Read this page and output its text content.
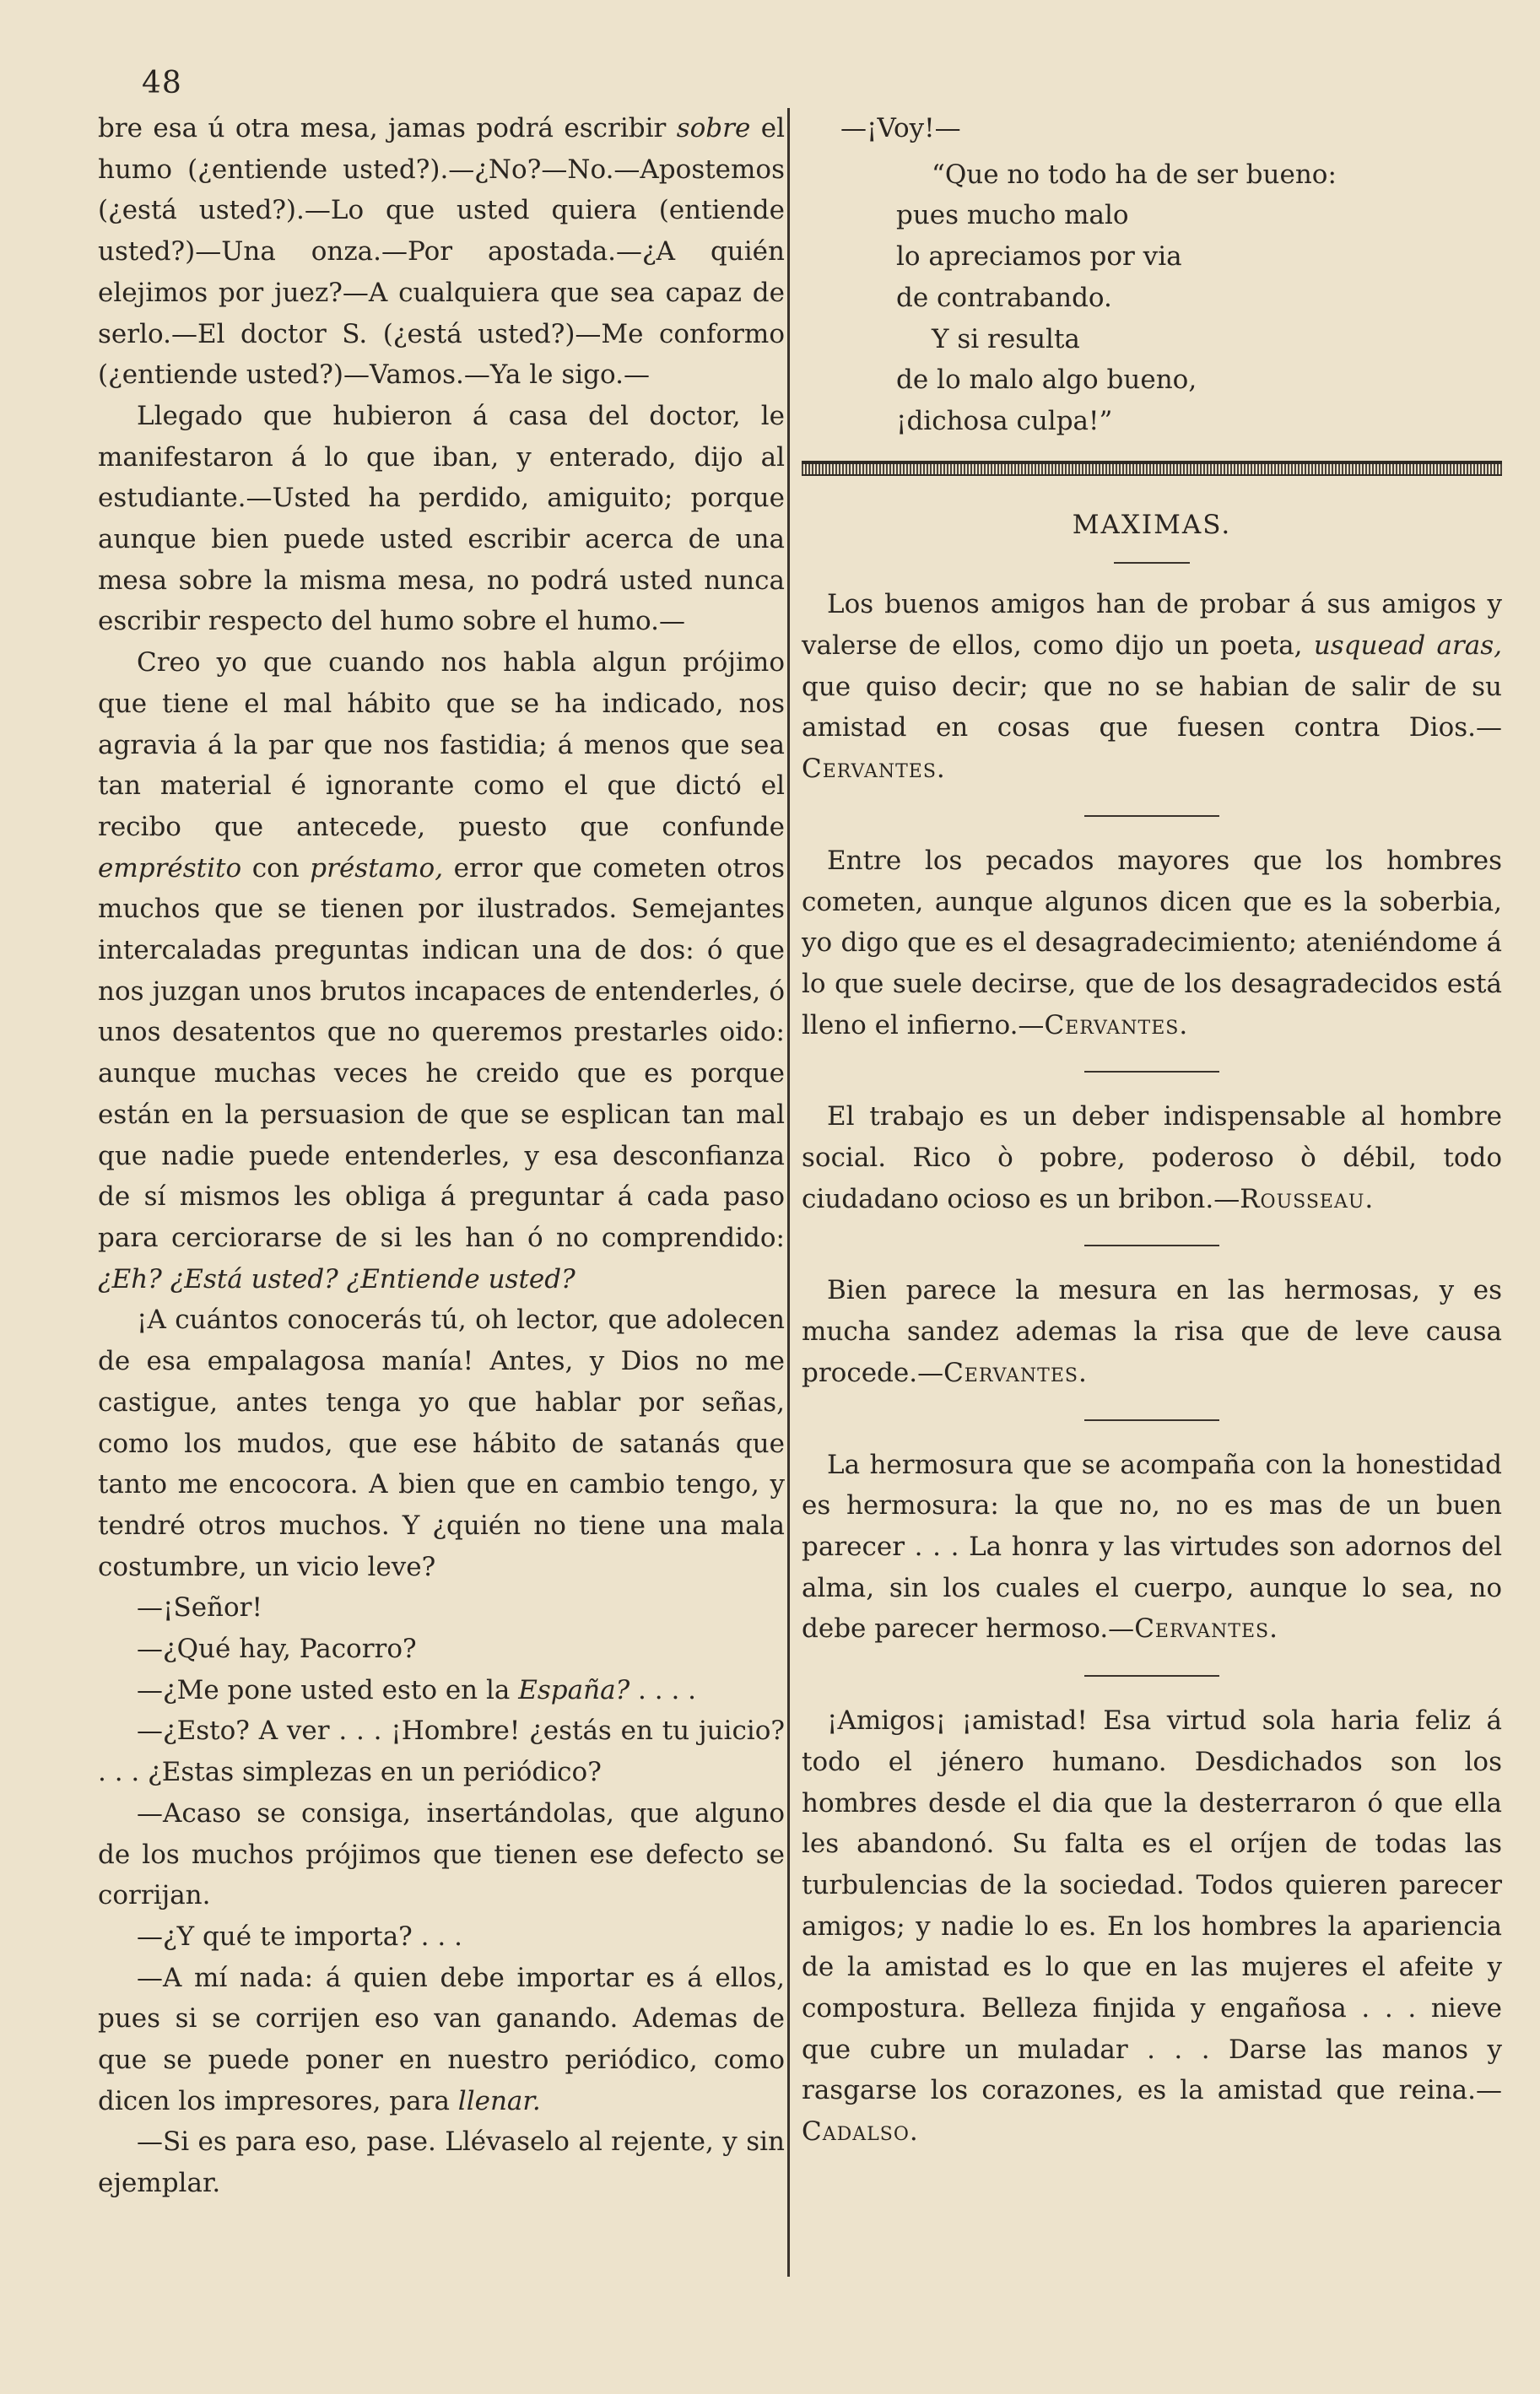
48

bre esa ú otra mesa, jamas podrá escribir sobre el humo (¿entiende usted?).—¿No?—No.—Apostemos (¿está usted?).—Lo que usted quiera (entiende usted?)—Una onza.—Por apostada.—¿A quién elejimos por juez?—A cualquiera que sea capaz de serlo.—El doctor S. (¿está usted?)—Me conformo (¿entiende usted?)—Vamos.—Ya le sigo.—

Llegado que hubieron á casa del doctor, le manifestaron á lo que iban, y enterado, dijo al estudiante.—Usted ha perdido, amiguito; porque aunque bien puede usted escribir acerca de una mesa sobre la misma mesa, no podrá usted nunca escribir respecto del humo sobre el humo.—

Creo yo que cuando nos habla algun prójimo que tiene el mal hábito que se ha indicado, nos agravia á la par que nos fastidia; á menos que sea tan material é ignorante como el que dictó el recibo que antecede, puesto que confunde empréstito con préstamo, error que cometen otros muchos que se tienen por ilustrados. Semejantes intercaladas preguntas indican una de dos: ó que nos juzgan unos brutos incapaces de entenderles, ó unos desatentos que no queremos prestarles oido: aunque muchas veces he creido que es porque están en la persuasion de que se esplican tan mal que nadie puede entenderles, y esa desconfianza de sí mismos les obliga á preguntar á cada paso para cerciorarse de si les han ó no comprendido: ¿Eh? ¿Está usted? ¿Entiende usted?

¡A cuántos conocerás tú, oh lector, que adolecen de esa empalagosa manía! Antes, y Dios no me castigue, antes tenga yo que hablar por señas, como los mudos, que ese hábito de satanás que tanto me encocora. A bien que en cambio tengo, y tendré otros muchos. Y ¿quién no tiene una mala costumbre, un vicio leve?

—¡Señor!

—¿Qué hay, Pacorro?

—¿Me pone usted esto en la España? . . . .

—¿Esto? A ver . . . ¡Hombre! ¿estás en tu juicio? . . . ¿Estas simplezas en un periódico?

—Acaso se consiga, insertándolas, que alguno de los muchos prójimos que tienen ese defecto se corrijan.

—¿Y qué te importa? . . .

—A mí nada: á quien debe importar es á ellos, pues si se corrijen eso van ganando. Ademas de que se puede poner en nuestro periódico, como dicen los impresores, para llenar.

—Si es para eso, pase. Llévaselo al rejente, y sin ejemplar.

—¡Voy!—

“Que no todo ha de ser bueno:
pues mucho malo
lo apreciamos por via
de contrabando.
Y si resulta
de lo malo algo bueno,
¡dichosa culpa!”
MAXIMAS.

Los buenos amigos han de probar á sus amigos y valerse de ellos, como dijo un poeta, usquead aras, que quiso decir; que no se habian de salir de su amistad en cosas que fuesen contra Dios.—Cervantes.

Entre los pecados mayores que los hombres cometen, aunque algunos dicen que es la soberbia, yo digo que es el desagradecimiento; ateniéndome á lo que suele decirse, que de los desagradecidos está lleno el infierno.—Cervantes.

El trabajo es un deber indispensable al hombre social. Rico ò pobre, poderoso ò débil, todo ciudadano ocioso es un bribon.—Rousseau.

Bien parece la mesura en las hermosas, y es mucha sandez ademas la risa que de leve causa procede.—Cervantes.

La hermosura que se acompaña con la honestidad es hermosura: la que no, no es mas de un buen parecer . . . La honra y las virtudes son adornos del alma, sin los cuales el cuerpo, aunque lo sea, no debe parecer hermoso.—Cervantes.

¡Amigos¡ ¡amistad! Esa virtud sola haria feliz á todo el jénero humano. Desdichados son los hombres desde el dia que la desterraron ó que ella les abandonó. Su falta es el oríjen de todas las turbulencias de la sociedad. Todos quieren parecer amigos; y nadie lo es. En los hombres la apariencia de la amistad es lo que en las mujeres el afeite y compostura. Belleza finjida y engañosa . . . nieve que cubre un muladar . . . Darse las manos y rasgarse los corazones, es la amistad que reina.—Cadalso.
